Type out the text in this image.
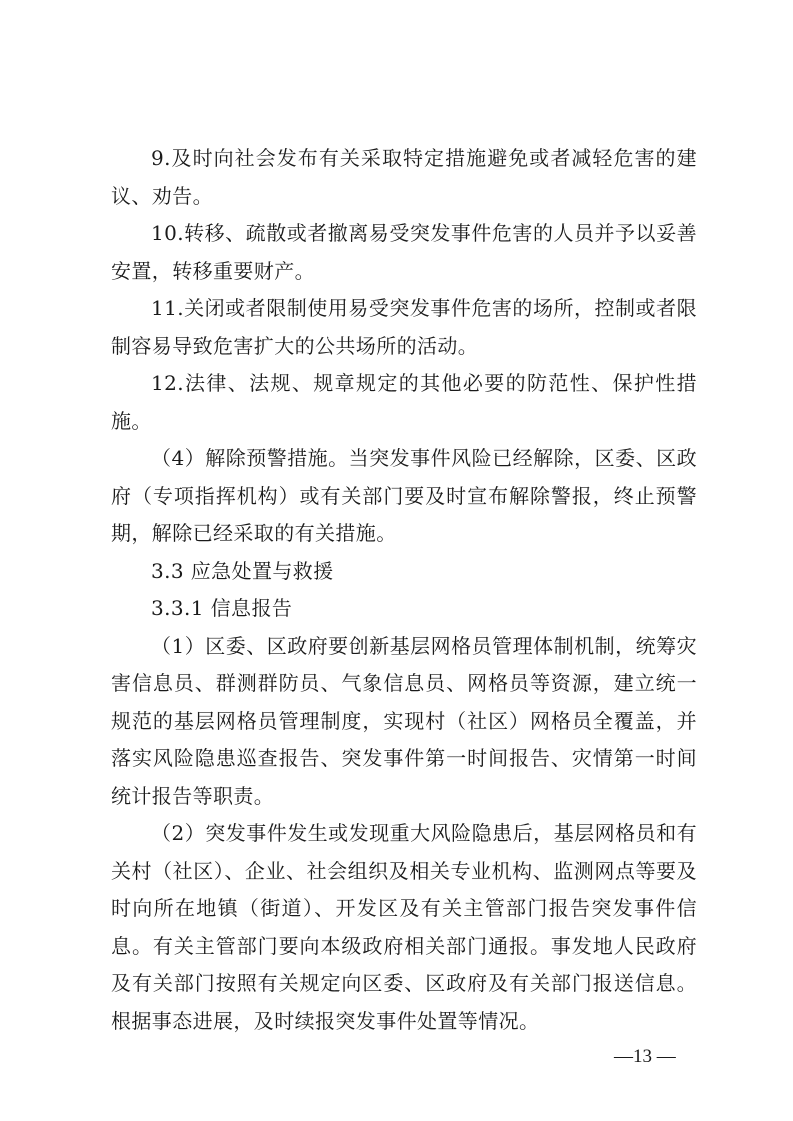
9.及时向社会发布有关采取特定措施避免或者减轻危害的建议、劝告。

10.转移、疏散或者撤离易受突发事件危害的人员并予以妥善安置，转移重要财产。

11.关闭或者限制使用易受突发事件危害的场所，控制或者限制容易导致危害扩大的公共场所的活动。

12.法律、法规、规章规定的其他必要的防范性、保护性措施。

（4）解除预警措施。当突发事件风险已经解除，区委、区政府（专项指挥机构）或有关部门要及时宣布解除警报，终止预警期，解除已经采取的有关措施。

3.3 应急处置与救援

3.3.1 信息报告

（1）区委、区政府要创新基层网格员管理体制机制，统筹灾害信息员、群测群防员、气象信息员、网格员等资源，建立统一规范的基层网格员管理制度，实现村（社区）网格员全覆盖，并落实风险隐患巡查报告、突发事件第一时间报告、灾情第一时间统计报告等职责。

（2）突发事件发生或发现重大风险隐患后，基层网格员和有关村（社区）、企业、社会组织及相关专业机构、监测网点等要及时向所在地镇（街道）、开发区及有关主管部门报告突发事件信息。有关主管部门要向本级政府相关部门通报。事发地人民政府及有关部门按照有关规定向区委、区政府及有关部门报送信息。根据事态进展，及时续报突发事件处置等情况。

—13 —
